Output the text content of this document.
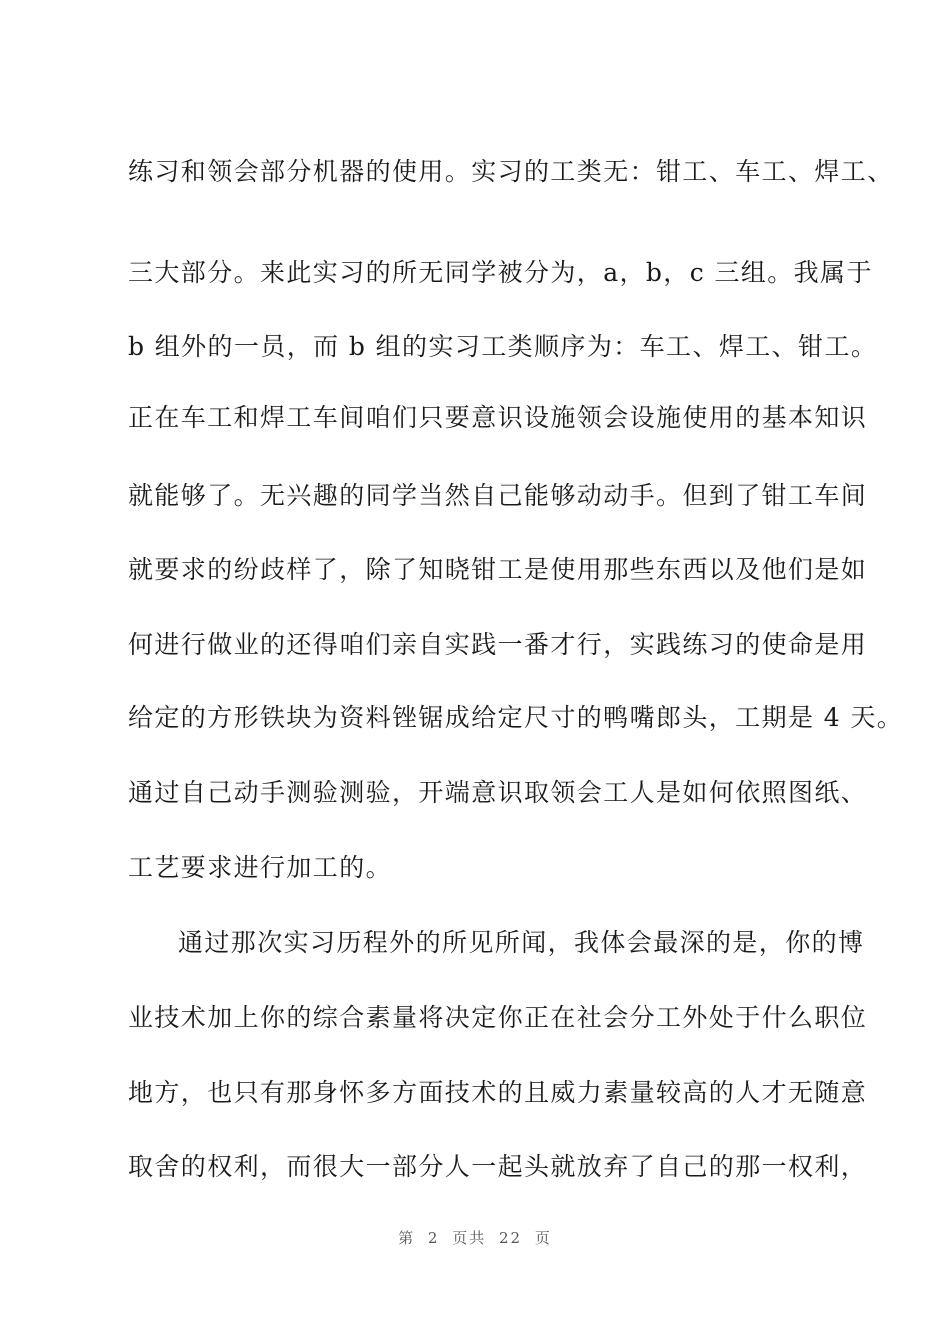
练习和领会部分机器的使用。实习的工类无：钳工、车工、焊工、
三大部分。来此实习的所无同学被分为，a，b，c 三组。我属于
b 组外的一员，而 b 组的实习工类顺序为：车工、焊工、钳工。
正在车工和焊工车间咱们只要意识设施领会设施使用的基本知识
就能够了。无兴趣的同学当然自己能够动动手。但到了钳工车间
就要求的纷歧样了，除了知晓钳工是使用那些东西以及他们是如
何进行做业的还得咱们亲自实践一番才行，实践练习的使命是用
给定的方形铁块为资料锉锯成给定尺寸的鸭嘴郎头，工期是 4 天。
通过自己动手测验测验，开端意识取领会工人是如何依照图纸、
工艺要求进行加工的。
通过那次实习历程外的所见所闻，我体会最深的是，你的博
业技术加上你的综合素量将决定你正在社会分工外处于什么职位
地方，也只有那身怀多方面技术的且威力素量较高的人才无随意
取舍的权利，而很大一部分人一起头就放弃了自己的那一权利，
第 2 页共 22 页
